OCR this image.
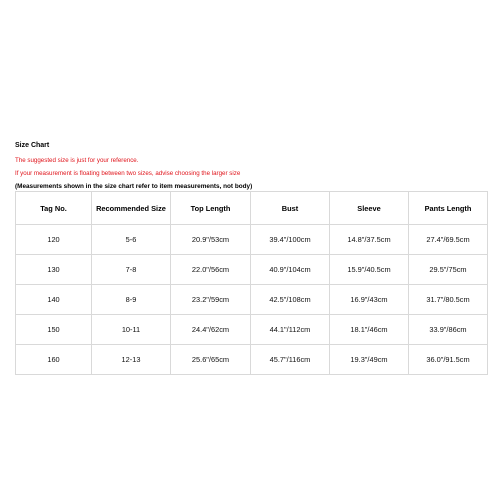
Size Chart
The suggested size is just for your reference.
If your measurement is floating between two sizes, advise choosing the larger size
(Measurements shown in the size chart refer to item measurements, not body)
Tag No.	Recommended Size	Top Length	Bust	Sleeve	Pants Length
120	5-6	20.9"/53cm	39.4"/100cm	14.8"/37.5cm	27.4"/69.5cm
130	7-8	22.0"/56cm	40.9"/104cm	15.9"/40.5cm	29.5"/75cm
140	8-9	23.2"/59cm	42.5"/108cm	16.9"/43cm	31.7"/80.5cm
150	10-11	24.4"/62cm	44.1"/112cm	18.1"/46cm	33.9"/86cm
160	12-13	25.6"/65cm	45.7"/116cm	19.3"/49cm	36.0"/91.5cm
